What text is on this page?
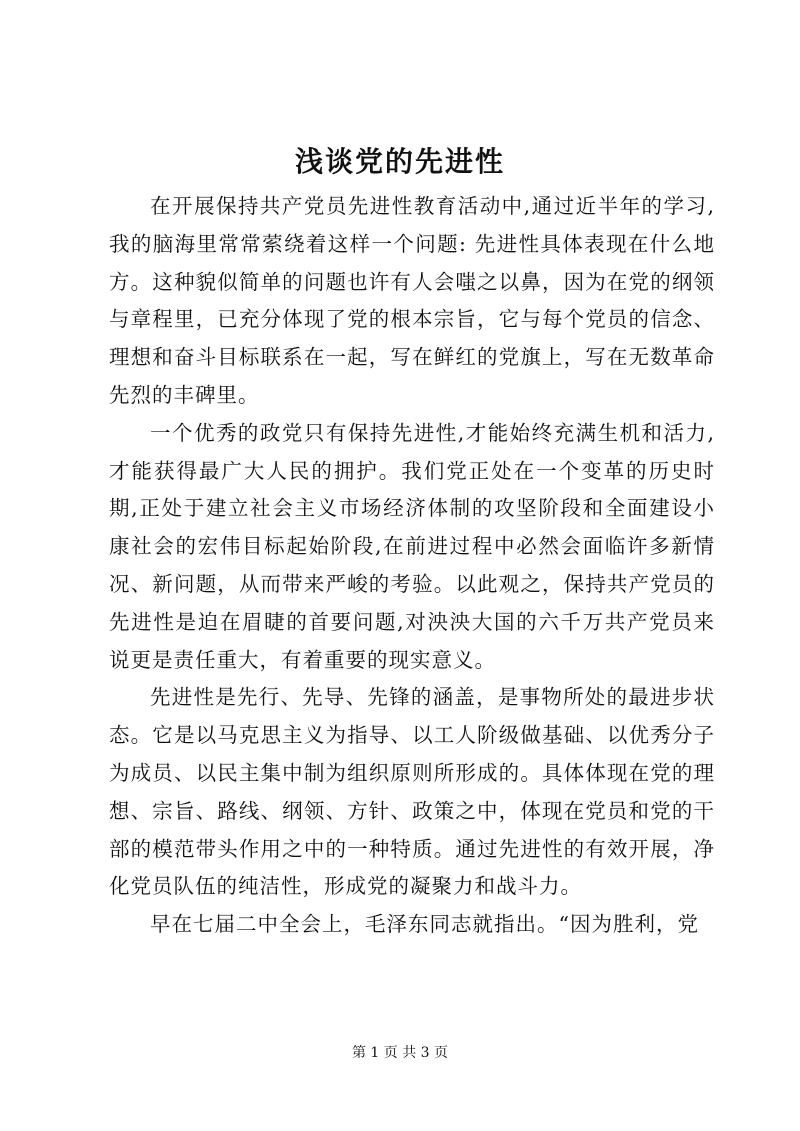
浅谈党的先进性

在开展保持共产党员先进性教育活动中,通过近半年的学习,我的脑海里常常萦绕着这样一个问题: 先进性具体表现在什么地方。这种貌似简单的问题也许有人会嗤之以鼻，因为在党的纲领与章程里，已充分体现了党的根本宗旨，它与每个党员的信念、理想和奋斗目标联系在一起，写在鲜红的党旗上，写在无数革命先烈的丰碑里。

一个优秀的政党只有保持先进性,才能始终充满生机和活力,才能获得最广大人民的拥护。我们党正处在一个变革的历史时期,正处于建立社会主义市场经济体制的攻坚阶段和全面建设小康社会的宏伟目标起始阶段,在前进过程中必然会面临许多新情况、新问题，从而带来严峻的考验。以此观之，保持共产党员的先进性是迫在眉睫的首要问题,对泱泱大国的六千万共产党员来说更是责任重大，有着重要的现实意义。

先进性是先行、先导、先锋的涵盖，是事物所处的最进步状态。它是以马克思主义为指导、以工人阶级做基础、以优秀分子为成员、以民主集中制为组织原则所形成的。具体体现在党的理想、宗旨、路线、纲领、方针、政策之中，体现在党员和党的干部的模范带头作用之中的一种特质。通过先进性的有效开展，净化党员队伍的纯洁性，形成党的凝聚力和战斗力。

早在七届二中全会上，毛泽东同志就指出。“因为胜利，党

第 1 页 共 3 页
